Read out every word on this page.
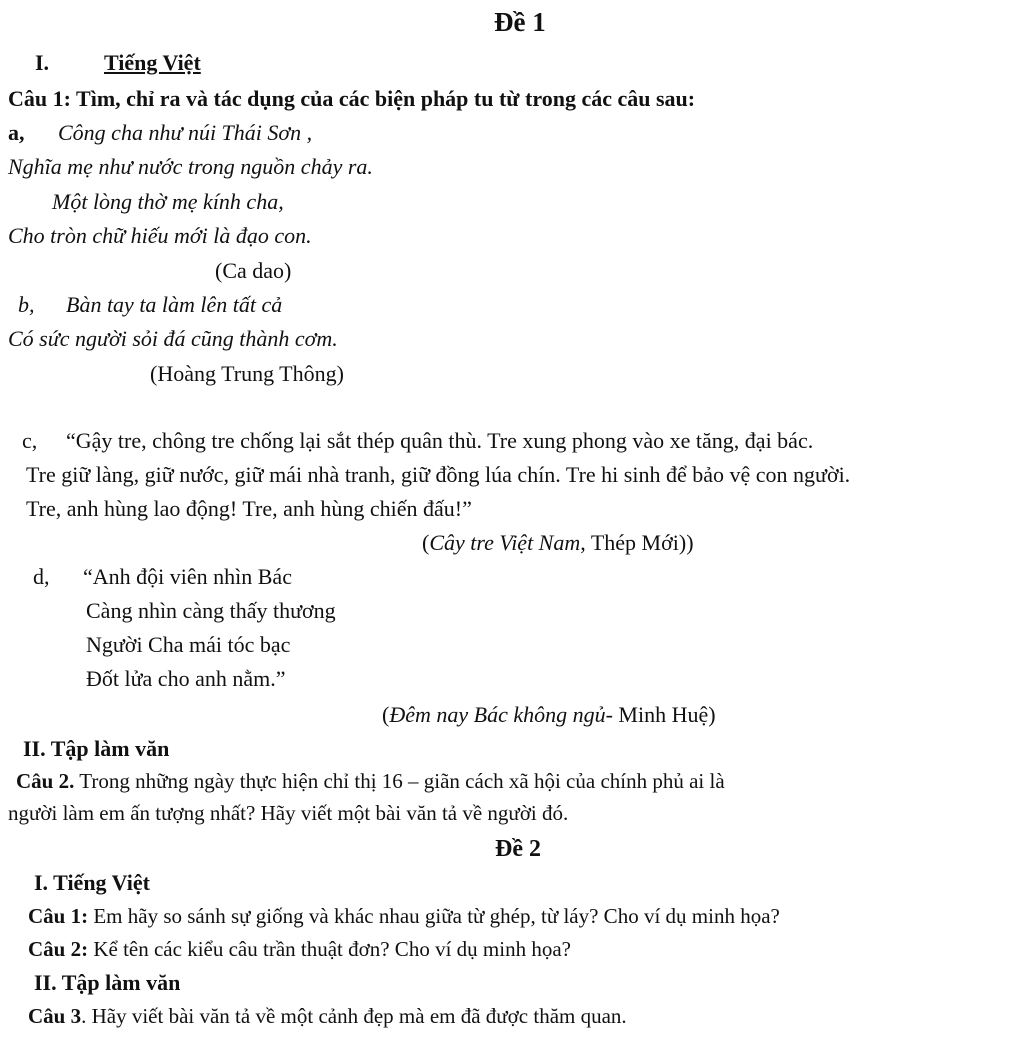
Đề 1
I. Tiếng Việt
Câu 1: Tìm, chỉ ra và tác dụng của các biện pháp tu từ trong các câu sau:
a, Công cha như núi Thái Sơn ,
Nghĩa mẹ như nước trong nguồn chảy ra.
Một lòng thờ mẹ kính cha,
Cho tròn chữ hiếu mới là đạo con.
(Ca dao)
b, Bàn tay ta làm lên tất cả
Có sức người sỏi đá cũng thành cơm.
(Hoàng Trung Thông)
c, “Gậy tre, chông tre chống lại sắt thép quân thù. Tre xung phong vào xe tăng, đại bác.
Tre giữ làng, giữ nước, giữ mái nhà tranh, giữ đồng lúa chín. Tre hi sinh để bảo vệ con người.
Tre, anh hùng lao động! Tre, anh hùng chiến đấu!”
(Cây tre Việt Nam, Thép Mới))
d, “Anh đội viên nhìn Bác
Càng nhìn càng thấy thương
Người Cha mái tóc bạc
Đốt lửa cho anh nằm.”
(Đêm nay Bác không ngủ- Minh Huệ)
II. Tập làm văn
Câu 2. Trong những ngày thực hiện chỉ thị 16 – giãn cách xã hội của chính phủ ai là
người làm em ấn tượng nhất? Hãy viết một bài văn tả về người đó.
Đề 2
I. Tiếng Việt
Câu 1: Em hãy so sánh sự giống và khác nhau giữa từ ghép, từ láy? Cho ví dụ minh họa?
Câu 2: Kể tên các kiểu câu trần thuật đơn? Cho ví dụ minh họa?
II. Tập làm văn
Câu 3. Hãy viết bài văn tả về một cảnh đẹp mà em đã được thăm quan.
